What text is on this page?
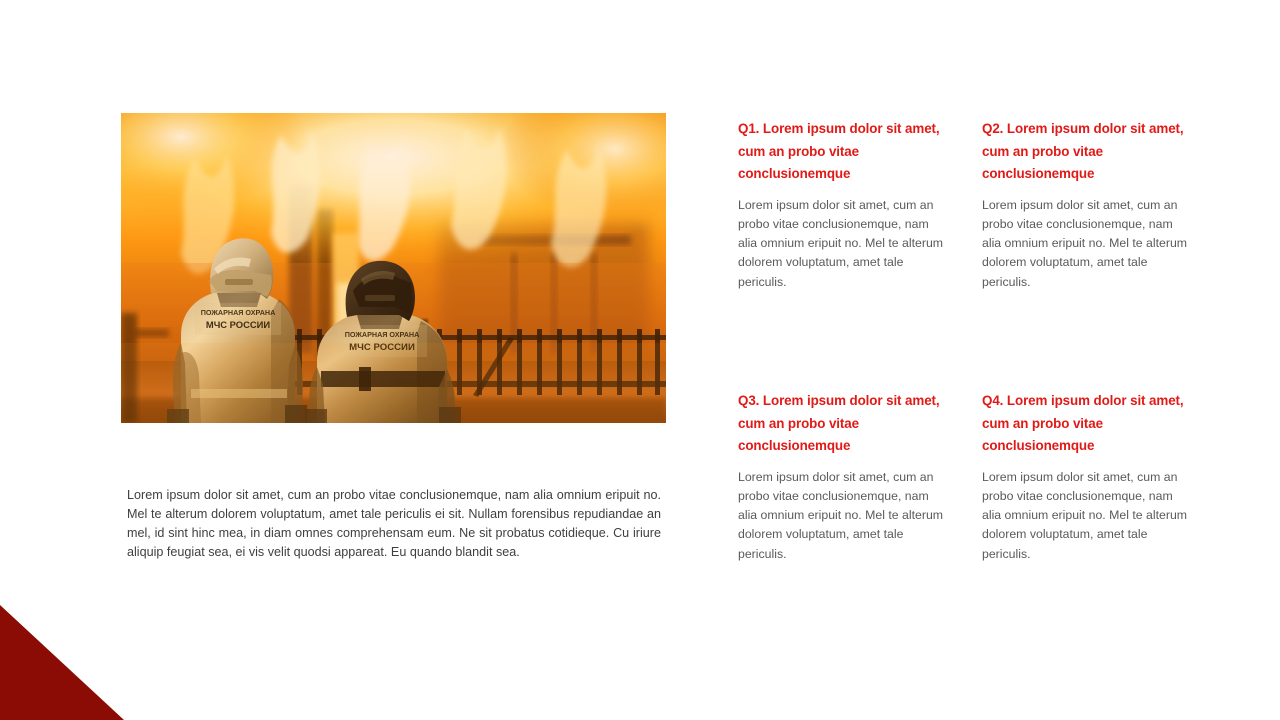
ПОЖАРНАЯ ОХРАНА
МЧС РОССИИ
ПОЖАРНАЯ ОХРАНА
МЧС РОССИИ

Lorem ipsum dolor sit amet, cum an probo vitae conclusionemque, nam alia omnium eripuit no. Mel te alterum dolorem voluptatum, amet tale periculis ei sit. Nullam forensibus repudiandae an mel, id sint hinc mea, in diam omnes comprehensam eum. Ne sit probatus cotidieque. Cu iriure aliquip feugiat sea, ei vis velit quodsi appareat. Eu quando blandit sea.

Q1. Lorem ipsum dolor sit amet, cum an probo vitae conclusionemque

Lorem ipsum dolor sit amet, cum an probo vitae conclusionemque, nam alia omnium eripuit no. Mel te alterum dolorem voluptatum, amet tale periculis.

Q2. Lorem ipsum dolor sit amet, cum an probo vitae conclusionemque

Lorem ipsum dolor sit amet, cum an probo vitae conclusionemque, nam alia omnium eripuit no. Mel te alterum dolorem voluptatum, amet tale periculis.

Q3. Lorem ipsum dolor sit amet, cum an probo vitae conclusionemque

Lorem ipsum dolor sit amet, cum an probo vitae conclusionemque, nam alia omnium eripuit no. Mel te alterum dolorem voluptatum, amet tale periculis.

Q4. Lorem ipsum dolor sit amet, cum an probo vitae conclusionemque

Lorem ipsum dolor sit amet, cum an probo vitae conclusionemque, nam alia omnium eripuit no. Mel te alterum dolorem voluptatum, amet tale periculis.
